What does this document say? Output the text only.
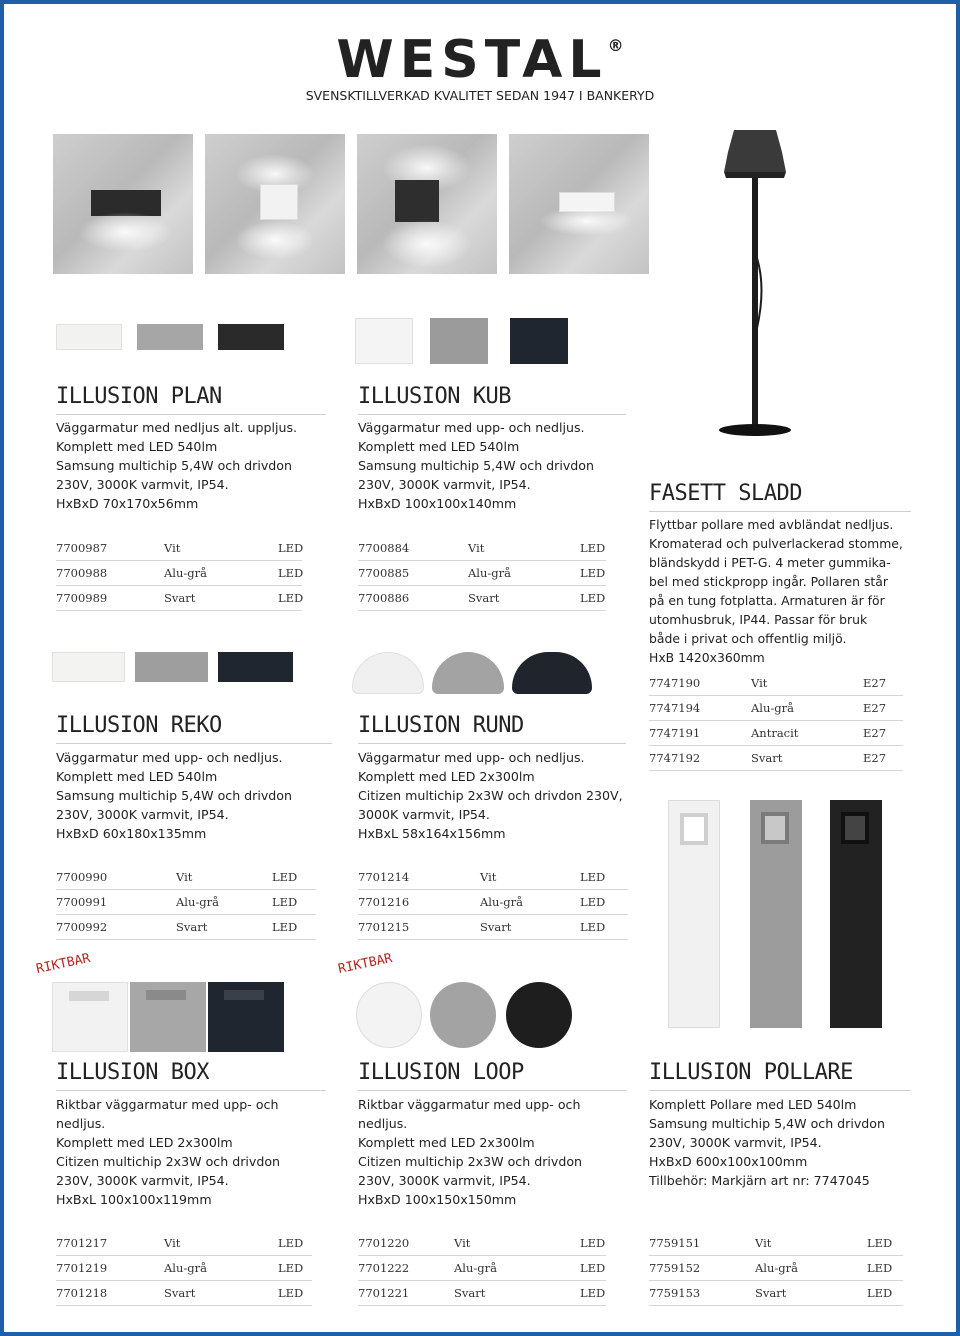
WESTAL®
SVENSKTILLVERKAD KVALITET SEDAN 1947 I BANKERYD
ILLUSION PLAN
Väggarmatur med nedljus alt. uppljus.
Komplett med LED 540lm
Samsung multichip 5,4W och drivdon
230V, 3000K varmvit, IP54.
HxBxD 70x170x56mm
7700987	Vit	LED
7700988	Alu-grå	LED
7700989	Svart	LED
ILLUSION KUB
Väggarmatur med upp- och nedljus.
Komplett med LED 540lm
Samsung multichip 5,4W och drivdon
230V, 3000K varmvit, IP54.
HxBxD 100x100x140mm
7700884	Vit	LED
7700885	Alu-grå	LED
7700886	Svart	LED
FASETT SLADD
Flyttbar pollare med avbländat nedljus.
Kromaterad och pulverlackerad stomme,
bländskydd i PET-G. 4 meter gummika-
bel med stickpropp ingår. Pollaren står
på en tung fotplatta. Armaturen är för
utomhusbruk, IP44. Passar för bruk
både i privat och offentlig miljö.
HxB 1420x360mm
7747190	Vit	E27
7747194	Alu-grå	E27
7747191	Antracit	E27
7747192	Svart	E27
ILLUSION REKO
Väggarmatur med upp- och nedljus.
Komplett med LED 540lm
Samsung multichip 5,4W och drivdon
230V, 3000K varmvit, IP54.
HxBxD 60x180x135mm
7700990	Vit	LED
7700991	Alu-grå	LED
7700992	Svart	LED
ILLUSION RUND
Väggarmatur med upp- och nedljus.
Komplett med LED 2x300lm
Citizen multichip 2x3W och drivdon 230V,
3000K varmvit, IP54.
HxBxL 58x164x156mm
7701214	Vit	LED
7701216	Alu-grå	LED
7701215	Svart	LED
RIKTBAR	RIKTBAR
ILLUSION BOX
Riktbar väggarmatur med upp- och
nedljus.
Komplett med LED 2x300lm
Citizen multichip 2x3W och drivdon
230V, 3000K varmvit, IP54.
HxBxL 100x100x119mm
7701217	Vit	LED
7701219	Alu-grå	LED
7701218	Svart	LED
ILLUSION LOOP
Riktbar väggarmatur med upp- och
nedljus.
Komplett med LED 2x300lm
Citizen multichip 2x3W och drivdon
230V, 3000K varmvit, IP54.
HxBxD 100x150x150mm
7701220	Vit	LED
7701222	Alu-grå	LED
7701221	Svart	LED
ILLUSION POLLARE
Komplett Pollare med LED 540lm
Samsung multichip 5,4W och drivdon
230V, 3000K varmvit, IP54.
HxBxD 600x100x100mm
Tillbehör: Markjärn art nr: 7747045
7759151	Vit	LED
7759152	Alu-grå	LED
7759153	Svart	LED
